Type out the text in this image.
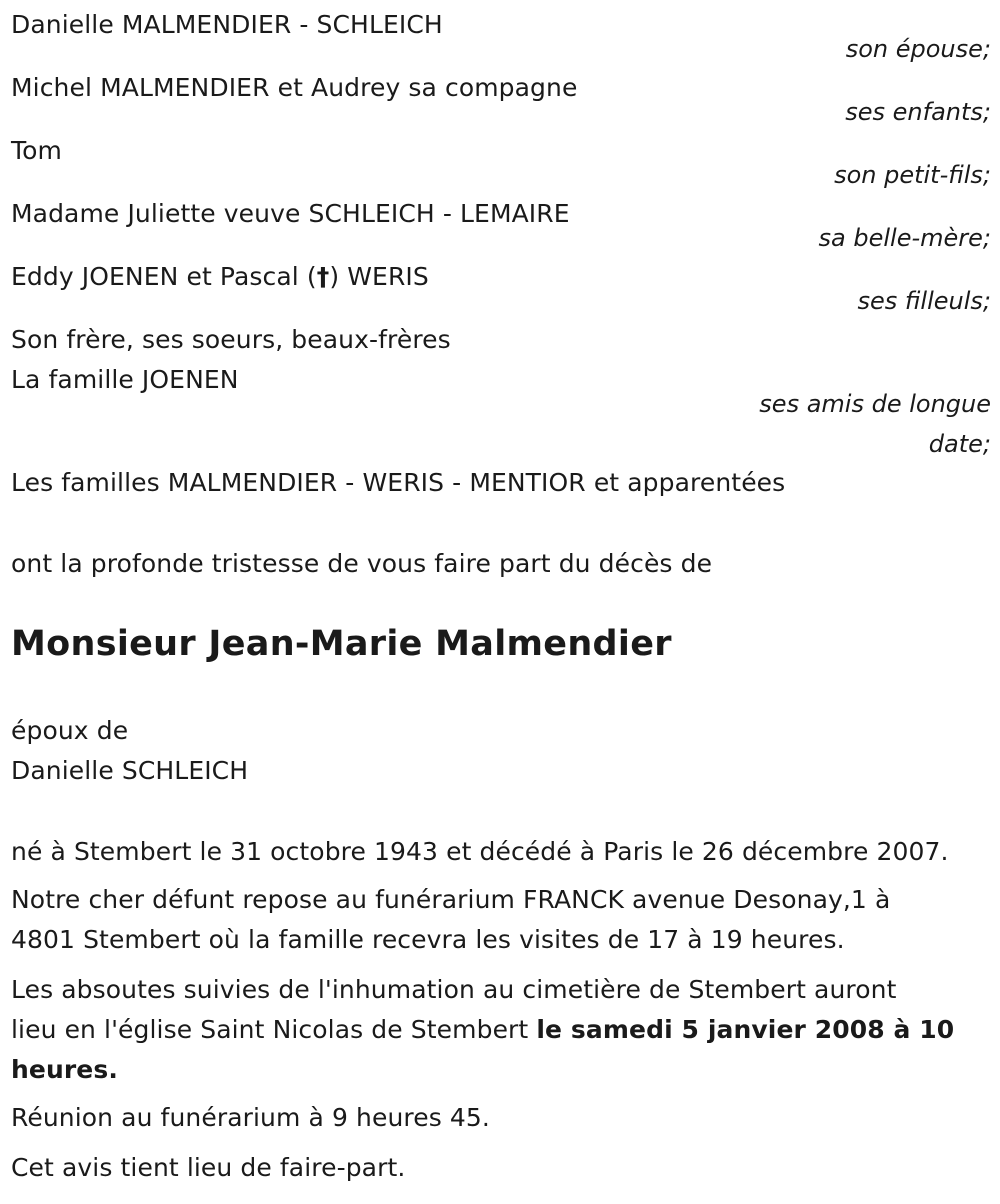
Danielle MALMENDIER - SCHLEICH
son épouse;
Michel MALMENDIER et Audrey sa compagne
ses enfants;
Tom
son petit-fils;
Madame Juliette veuve SCHLEICH - LEMAIRE
sa belle-mère;
Eddy JOENEN et Pascal (†) WERIS
ses filleuls;
Son frère, ses soeurs, beaux-frères
La famille JOENEN
ses amis de longue
date;
Les familles MALMENDIER - WERIS - MENTIOR et apparentées
ont la profonde tristesse de vous faire part du décès de
Monsieur Jean-Marie Malmendier
époux de
Danielle SCHLEICH
né à Stembert le 31 octobre 1943 et décédé à Paris le 26 décembre 2007.
Notre cher défunt repose au funérarium FRANCK avenue Desonay,1 à
4801 Stembert où la famille recevra les visites de 17 à 19 heures.
Les absoutes suivies de l'inhumation au cimetière de Stembert auront
lieu en l'église Saint Nicolas de Stembert le samedi 5 janvier 2008 à 10
heures.
Réunion au funérarium à 9 heures 45.
Cet avis tient lieu de faire-part.
